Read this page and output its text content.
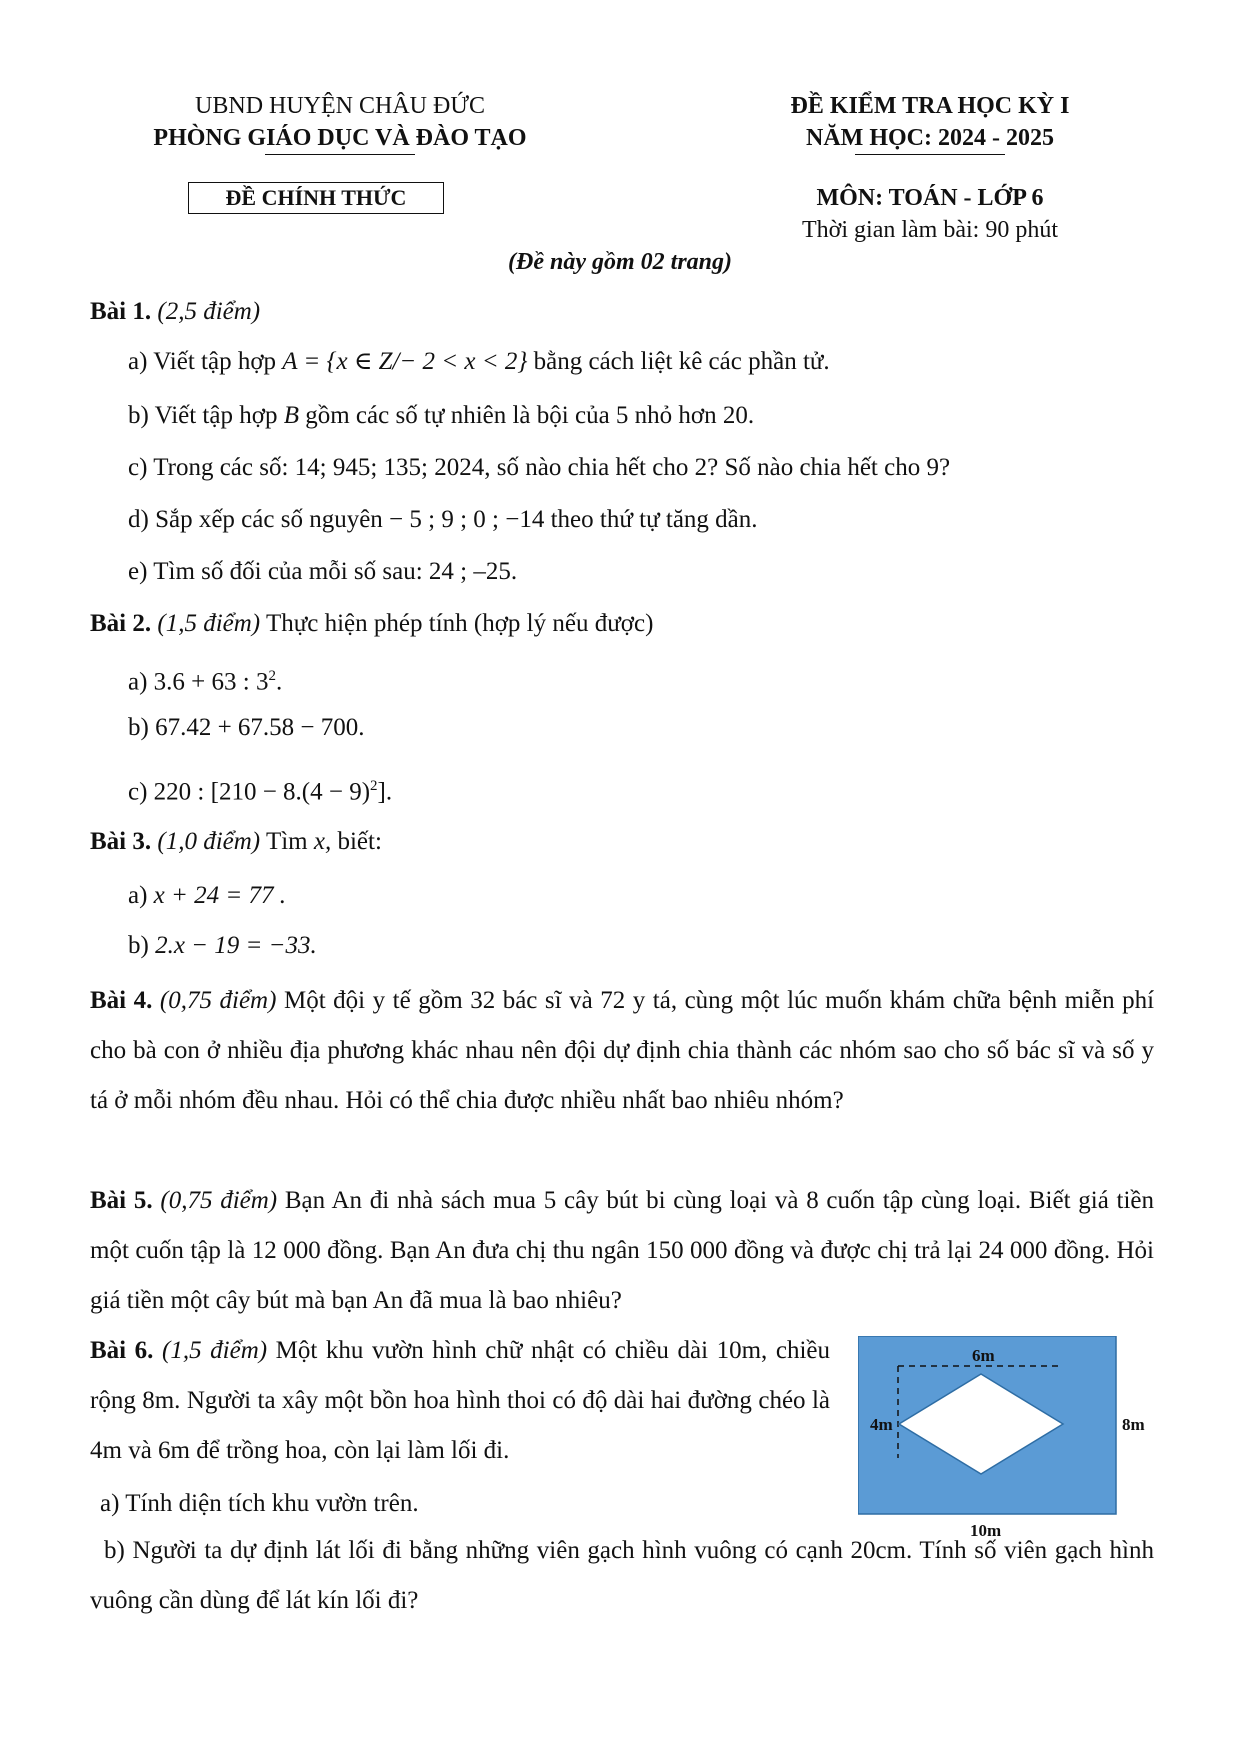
UBND HUYỆN CHÂU ĐỨC
PHÒNG GIÁO DỤC VÀ ĐÀO TẠO
ĐỀ KIỂM TRA HỌC KỲ I
NĂM HỌC: 2024 - 2025
ĐỀ CHÍNH THỨC	MÔN: TOÁN - LỚP 6
Thời gian làm bài: 90 phút
(Đề này gồm 02 trang)
Bài 1. (2,5 điểm)
a) Viết tập hợp A = {x ∈ Z/− 2 < x < 2} bằng cách liệt kê các phần tử.
b) Viết tập hợp B gồm các số tự nhiên là bội của 5 nhỏ hơn 20.
c) Trong các số: 14; 945; 135; 2024, số nào chia hết cho 2? Số nào chia hết cho 9?
d) Sắp xếp các số nguyên − 5 ; 9 ; 0 ; −14 theo thứ tự tăng dần.
e) Tìm số đối của mỗi số sau: 24 ; –25.
Bài 2. (1,5 điểm) Thực hiện phép tính (hợp lý nếu được)
a) 3.6 + 63 : $3^2$.
b) 67.42 + 67.58 − 700.
c) 220 : $[210 - 8.(4 - 9)^2]$.
Bài 3. (1,0 điểm) Tìm x, biết:
a) x + 24 = 77 .
b) 2.x − 19 = −33.
Bài 4. (0,75 điểm) Một đội y tế gồm 32 bác sĩ và 72 y tá, cùng một lúc muốn khám chữa bệnh miễn phí cho bà con ở nhiều địa phương khác nhau nên đội dự định chia thành các nhóm sao cho số bác sĩ và số y tá ở mỗi nhóm đều nhau. Hỏi có thể chia được nhiều nhất bao nhiêu nhóm?
Bài 5. (0,75 điểm) Bạn An đi nhà sách mua 5 cây bút bi cùng loại và 8 cuốn tập cùng loại. Biết giá tiền một cuốn tập là 12 000 đồng. Bạn An đưa chị thu ngân 150 000 đồng và được chị trả lại 24 000 đồng. Hỏi giá tiền một cây bút mà bạn An đã mua là bao nhiêu?
Bài 6. (1,5 điểm) Một khu vườn hình chữ nhật có chiều dài 10m, chiều rộng 8m. Người ta xây một bồn hoa hình thoi có độ dài hai đường chéo là 4m và 6m để trồng hoa, còn lại làm lối đi.
a) Tính diện tích khu vườn trên.
b) Người ta dự định lát lối đi bằng những viên gạch hình vuông có cạnh 20cm. Tính số viên gạch hình vuông cần dùng để lát kín lối đi?
6m
4m	8m
10m
